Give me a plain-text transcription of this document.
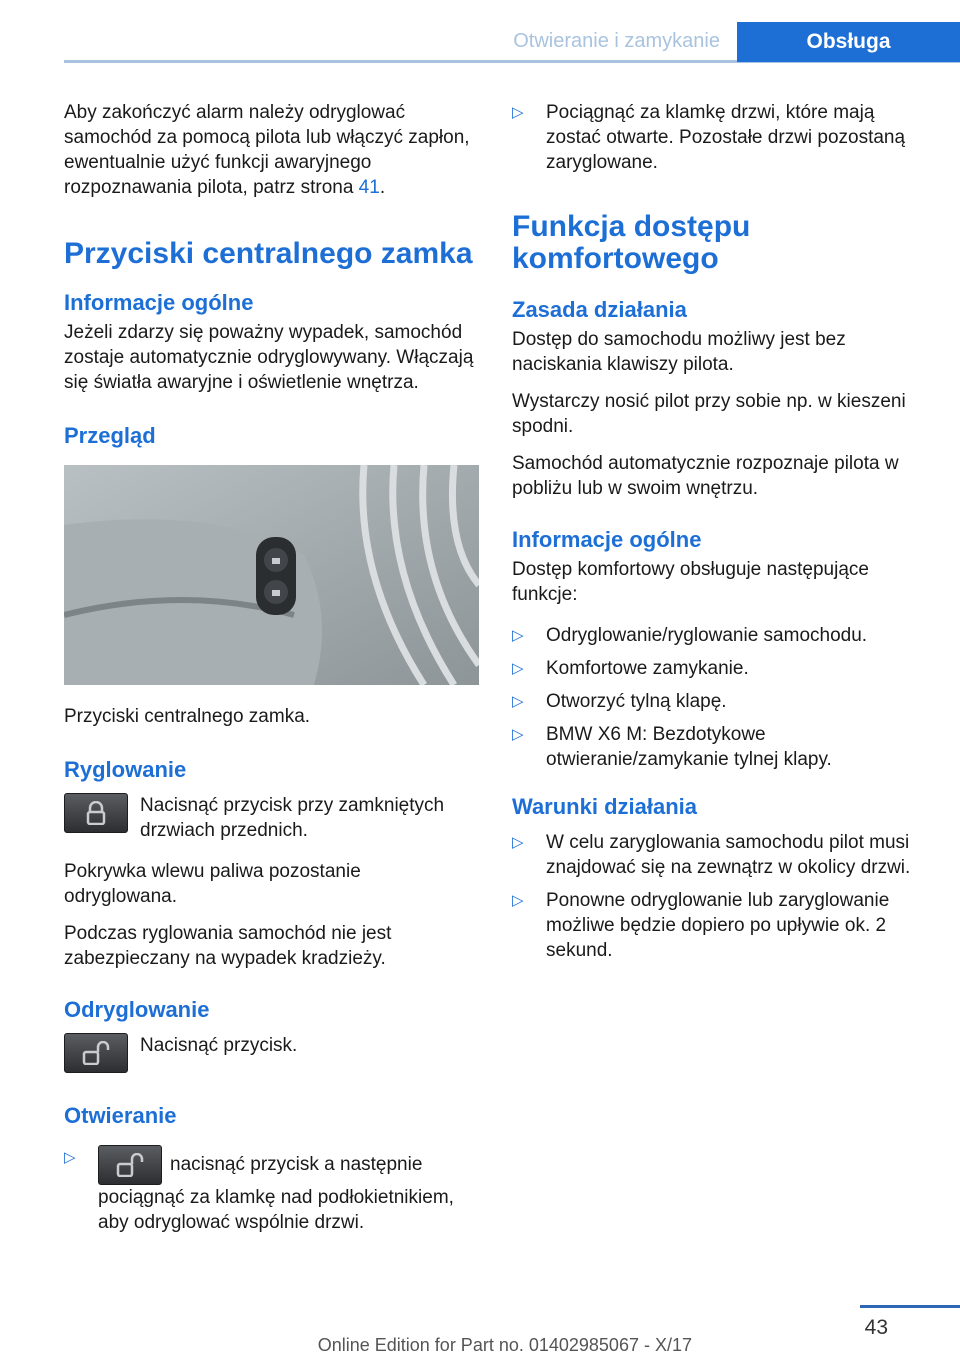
Otwieranie i zamykanie	Obsługa

Aby zakończyć alarm należy odryglować samochód za pomocą pilota lub włączyć zapłon, ewentualnie użyć funkcji awaryjnego rozpoznawania pilota, patrz strona 41.

Przyciski centralnego zamka
Informacje ogólne

Jeżeli zdarzy się poważny wypadek, samochód zostaje automatycznie odryglowywany. Włączają się światła awaryjne i oświetlenie wnętrza.

Przegląd

Przyciski centralnego zamka.

Ryglowanie

Nacisnąć przycisk przy zamkniętych drzwiach przednich.

Pokrywka wlewu paliwa pozostanie odryglowana.

Podczas ryglowania samochód nie jest zabezpieczany na wypadek kradzieży.

Odryglowanie

Nacisnąć przycisk.

Otwieranie
▷	nacisnąć przycisk a następnie pociągnąć za klamkę nad podłokietnikiem, aby odryglować wspólnie drzwi.
▷	Pociągnąć za klamkę drzwi, które mają zostać otwarte. Pozostałe drzwi pozostaną zaryglowane.
Funkcja dostępu komfortowego
Zasada działania

Dostęp do samochodu możliwy jest bez naciskania klawiszy pilota.

Wystarczy nosić pilot przy sobie np. w kieszeni spodni.

Samochód automatycznie rozpoznaje pilota w pobliżu lub w swoim wnętrzu.

Informacje ogólne

Dostęp komfortowy obsługuje następujące funkcje:

▷	Odryglowanie/ryglowanie samochodu.
▷	Komfortowe zamykanie.
▷	Otworzyć tylną klapę.
▷	BMW X6 M: Bezdotykowe otwieranie/zamykanie tylnej klapy.
Warunki działania
▷	W celu zaryglowania samochodu pilot musi znajdować się na zewnątrz w okolicy drzwi.
▷	Ponowne odryglowanie lub zaryglowanie możliwe będzie dopiero po upływie ok. 2 sekund.
43
Online Edition for Part no. 01402985067 - X/17
